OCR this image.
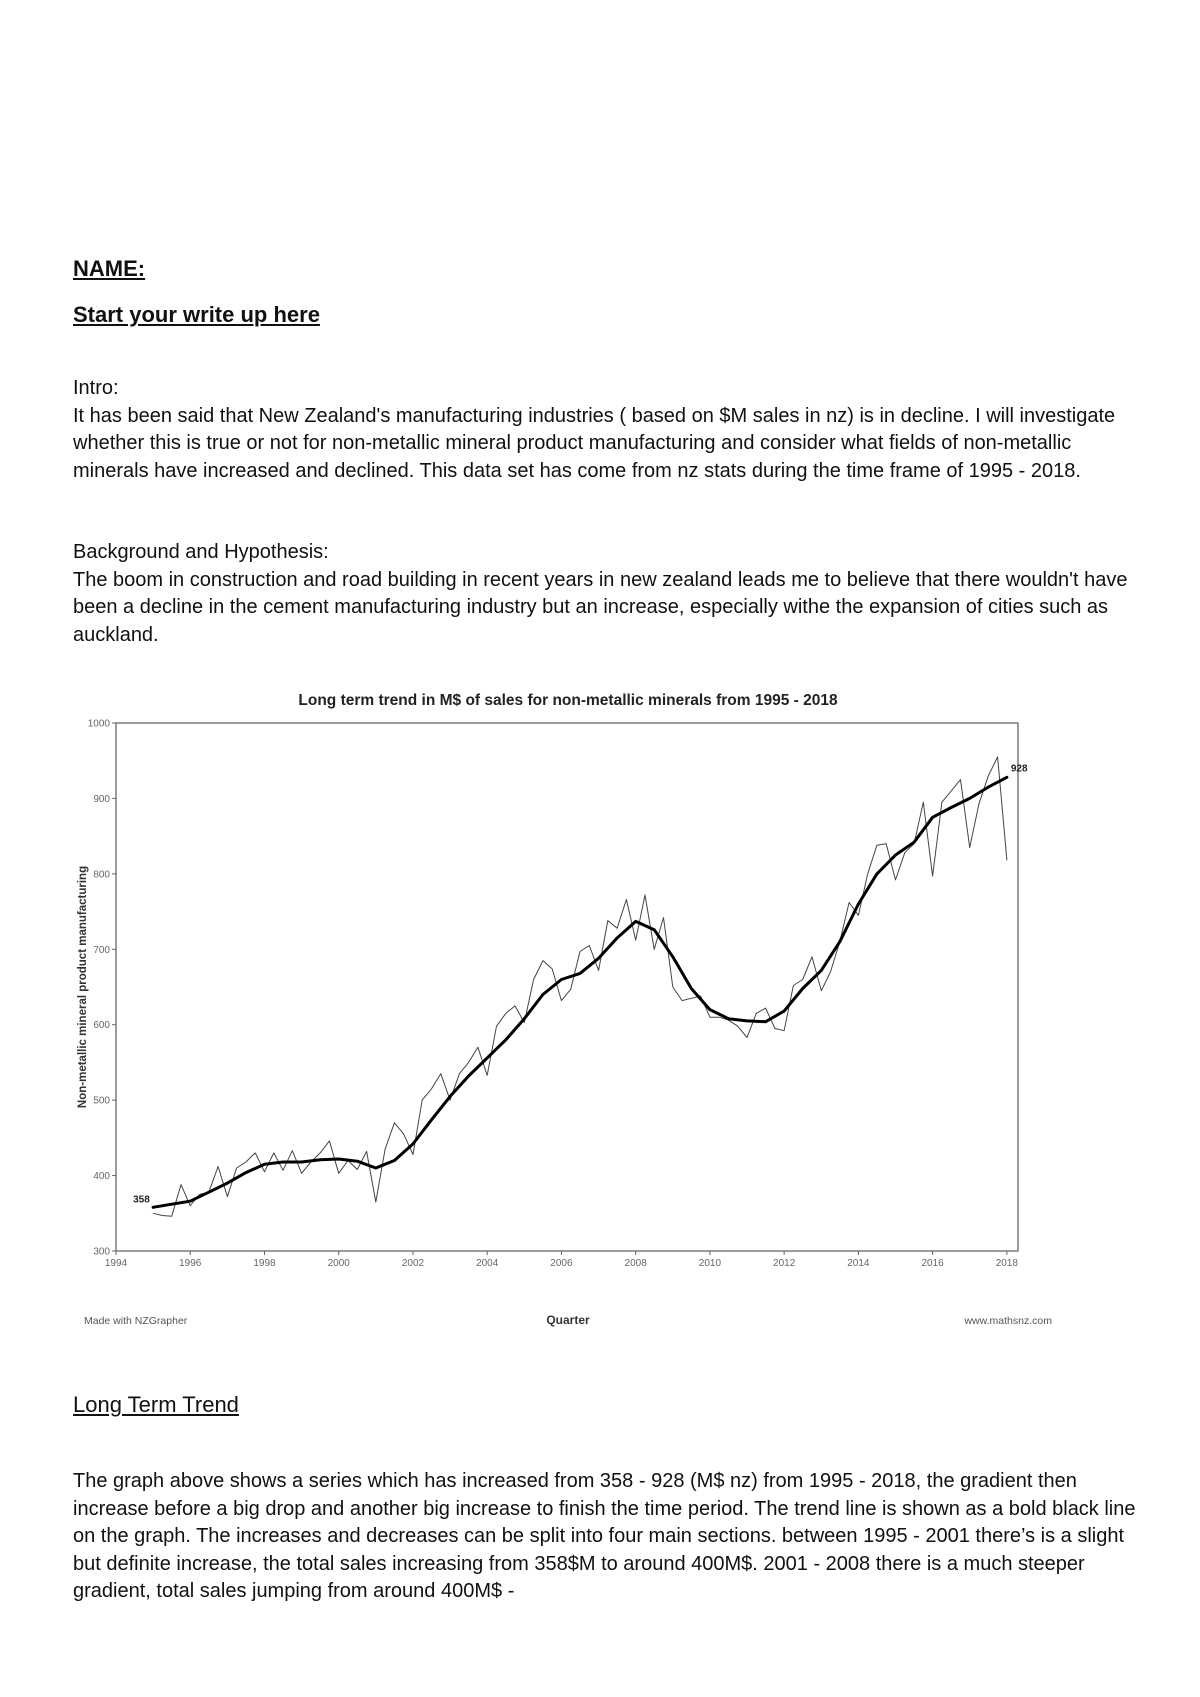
NAME:
Start your write up here

Intro:

It has been said that New Zealand's manufacturing industries ( based on $M sales in nz) is in decline. I will investigate whether this is true or not for non-metallic mineral product manufacturing and consider what fields of non-metallic minerals have increased and declined. This data set has come from nz stats during the time frame of 1995 - 2018.

Background and Hypothesis:

The boom in construction and road building in recent years in new zealand leads me to believe that there wouldn't have been a decline in the cement manufacturing industry but an increase, especially withe the expansion of cities such as auckland.

Long term trend in M$ of sales for non-metallic minerals from 1995 - 2018
300
400
500
600
700
800
900
1000
1994	1996	1998	2000	2002	2004	2006	2008	2010	2012	2014	2016	2018
358
928
Non-metallic mineral product manufacturing
Quarter
Made with NZGrapher	www.mathsnz.com
Long Term Trend

The graph above shows a series which has increased from 358 - 928 (M$ nz) from 1995 - 2018, the gradient then increase before a big drop and another big increase to finish the time period. The trend line is shown as a bold black line on the graph. The increases and decreases can be split into four main sections. between 1995 - 2001 there’s is a slight but definite increase, the total sales increasing from 358$M to around 400M$. 2001 - 2008 there is a much steeper gradient, total sales jumping from around 400M$ -
